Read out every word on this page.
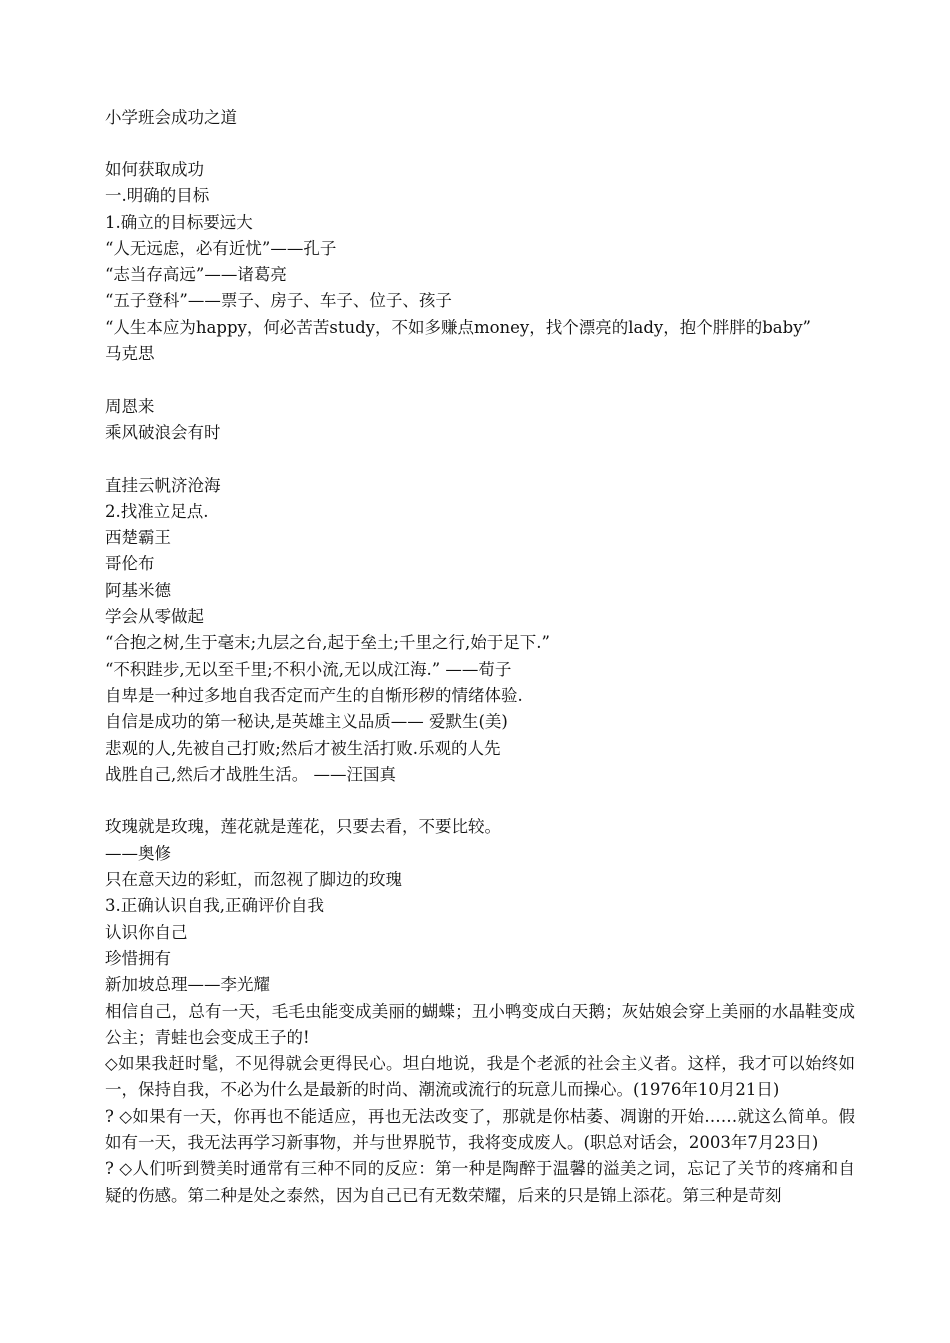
小学班会成功之道
如何获取成功
一.明确的目标
1.确立的目标要远大
“人无远虑，必有近忧”——孔子
“志当存高远”——诸葛亮
“五子登科”——票子、房子、车子、位子、孩子
“人生本应为happy，何必苦苦study，不如多赚点money，找个漂亮的lady，抱个胖胖的baby”
马克思
周恩来
乘风破浪会有时
直挂云帆济沧海
2.找准立足点.
西楚霸王
哥伦布
阿基米德
学会从零做起
“合抱之树,生于毫末;九层之台,起于垒土;千里之行,始于足下.”
“不积跬步,无以至千里;不积小流,无以成江海.” ——荀子
自卑是一种过多地自我否定而产生的自惭形秽的情绪体验.
自信是成功的第一秘诀,是英雄主义品质—— 爱默生(美)
悲观的人,先被自己打败;然后才被生活打败.乐观的人先
战胜自己,然后才战胜生活。 ——汪国真
玫瑰就是玫瑰，莲花就是莲花，只要去看，不要比较。
——奥修
只在意天边的彩虹，而忽视了脚边的玫瑰
3.正确认识自我,正确评价自我
认识你自己
珍惜拥有
新加坡总理——李光耀
相信自己，总有一天，毛毛虫能变成美丽的蝴蝶；丑小鸭变成白天鹅；灰姑娘会穿上美丽的水晶鞋变成公主；青蛙也会变成王子的!
◇如果我赶时髦，不见得就会更得民心。坦白地说，我是个老派的社会主义者。这样，我才可以始终如一，保持自我，不必为什么是最新的时尚、潮流或流行的玩意儿而操心。(1976年10月21日)
? ◇如果有一天，你再也不能适应，再也无法改变了，那就是你枯萎、凋谢的开始……就这么简单。假如有一天，我无法再学习新事物，并与世界脱节，我将变成废人。(职总对话会，2003年7月23日)
? ◇人们听到赞美时通常有三种不同的反应：第一种是陶醉于温馨的溢美之词，忘记了关节的疼痛和自疑的伤感。第二种是处之泰然，因为自己已有无数荣耀，后来的只是锦上添花。第三种是苛刻
